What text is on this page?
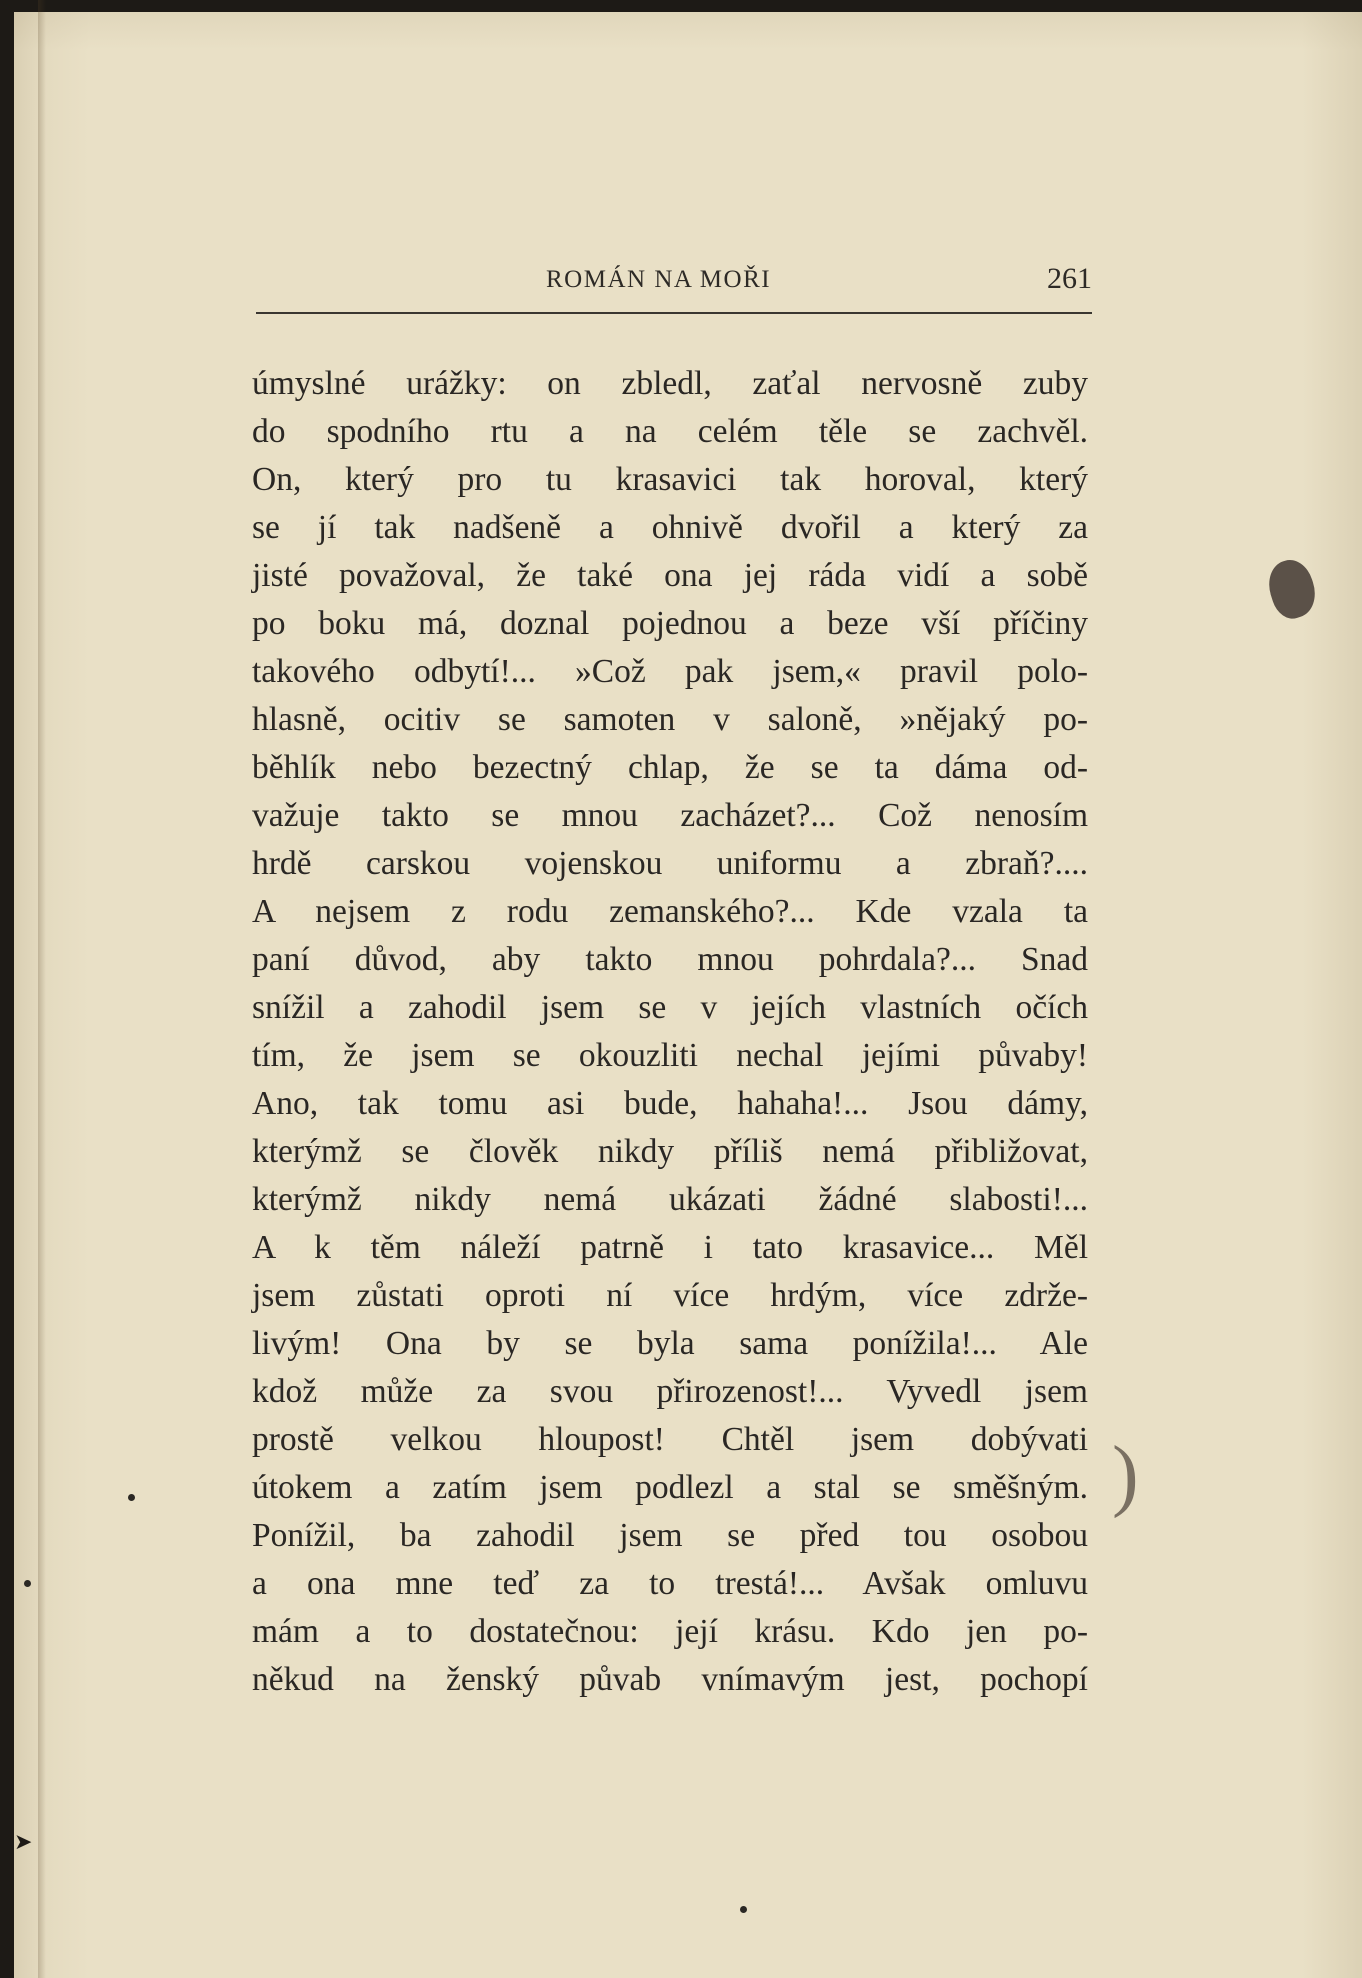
ROMÁN NA MOŘI	261
úmyslné urážky: on zbledl, zaťal nervosně zuby
do spodního rtu a na celém těle se zachvěl.
On, který pro tu krasavici tak horoval, který
se jí tak nadšeně a ohnivě dvořil a který za
jisté považoval, že také ona jej ráda vidí a sobě
po boku má, doznal pojednou a beze vší příčiny
takového odbytí!... »Což pak jsem,« pravil polo-
hlasně, ocitiv se samoten v saloně, »nějaký po-
běhlík nebo bezectný chlap, že se ta dáma od-
važuje takto se mnou zacházet?... Což nenosím
hrdě carskou vojenskou uniformu a zbraň?....
A nejsem z rodu zemanského?... Kde vzala ta
paní důvod, aby takto mnou pohrdala?... Snad
snížil a zahodil jsem se v jejích vlastních očích
tím, že jsem se okouzliti nechal jejími půvaby!
Ano, tak tomu asi bude, hahaha!... Jsou dámy,
kterýmž se člověk nikdy příliš nemá přibližovat,
kterýmž nikdy nemá ukázati žádné slabosti!...
A k těm náleží patrně i tato krasavice... Měl
jsem zůstati oproti ní více hrdým, více zdrže-
livým! Ona by se byla sama ponížila!... Ale
kdož může za svou přirozenost!... Vyvedl jsem
prostě velkou hloupost! Chtěl jsem dobývati
útokem a zatím jsem podlezl a stal se směšným.
Ponížil, ba zahodil jsem se před tou osobou
a ona mne teď za to trestá!... Avšak omluvu
mám a to dostatečnou: její krásu. Kdo jen po-
někud na ženský půvab vnímavým jest, pochopí
)
➤
